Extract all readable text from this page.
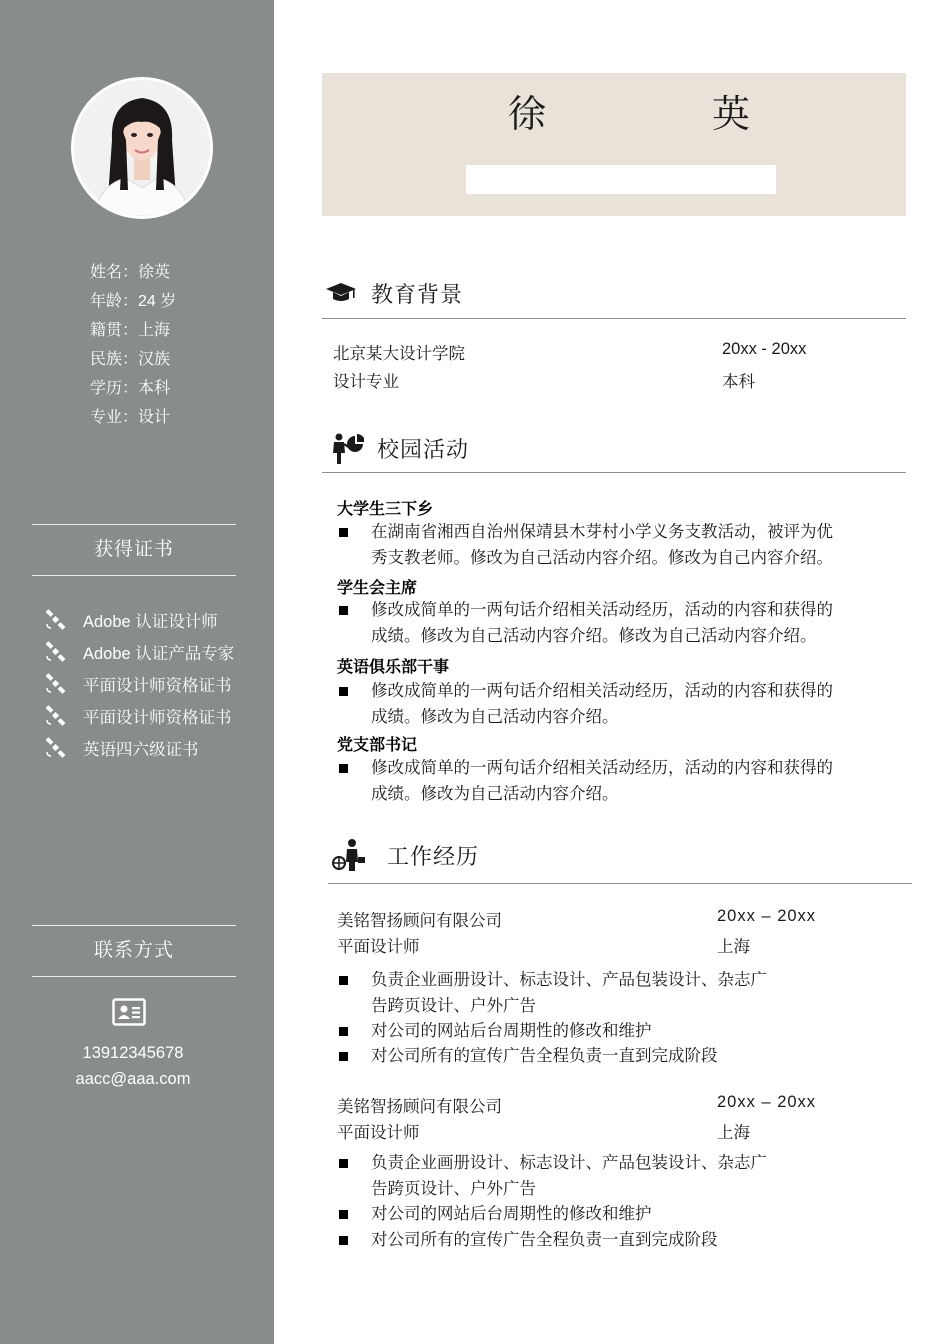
姓名 ： 徐英
年龄 ： 24 岁
籍贯 ： 上海
民族 ： 汉族
学历 ： 本科
专业 ： 设计
获得证书
Adobe 认证设计师
Adobe 认证产品专家
平面设计师资格证书
平面设计师资格证书
英语四六级证书
联系方式
13912345678
aacc@aaa.com
徐	英
教育背景
北京某大设计学院	20xx - 20xx
设计专业	本科
校园活动
大学生三下乡
在湖南省湘西自治州保靖县木芽村小学义务支教活动，被评为优
秀支教老师。修改为自己活动内容介绍。修改为自己内容介绍。
学生会主席
修改成简单的一两句话介绍相关活动经历，活动的内容和获得的
成绩。修改为自己活动内容介绍。修改为自己活动内容介绍。
英语俱乐部干事
修改成简单的一两句话介绍相关活动经历，活动的内容和获得的
成绩。修改为自己活动内容介绍。
党支部书记
修改成简单的一两句话介绍相关活动经历，活动的内容和获得的
成绩。修改为自己活动内容介绍。
工作经历
美铭智扬顾问有限公司	20xx – 20xx
平面设计师	上海
负责企业画册设计、标志设计、产品包装设计、杂志广
告跨页设计、户外广告
对公司的网站后台周期性的修改和维护
对公司所有的宣传广告全程负责一直到完成阶段
美铭智扬顾问有限公司	20xx – 20xx
平面设计师	上海
负责企业画册设计、标志设计、产品包装设计、杂志广
告跨页设计、户外广告
对公司的网站后台周期性的修改和维护
对公司所有的宣传广告全程负责一直到完成阶段
